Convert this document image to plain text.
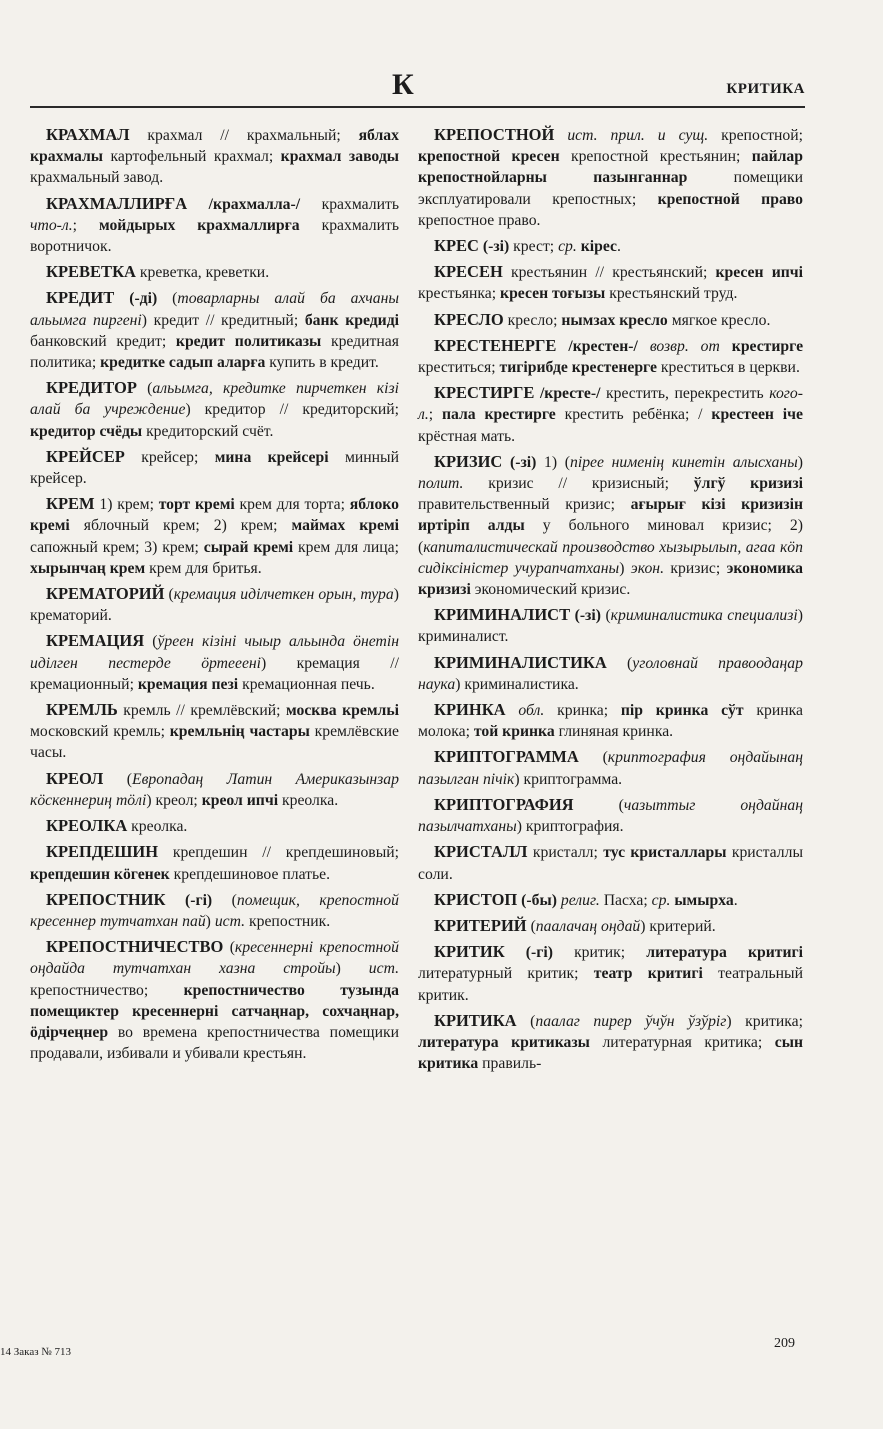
К	КРИТИКА

КРАХМАЛ крахмал // крахмальный; яблах крахмалы картофельный крахмал; крахмал заводы крахмальный завод.

КРАХМАЛЛИРҒА /крахмалла-/ крахмалить что-л.; мойдырых крахмаллирға крахмалить воротничок.

КРЕВЕТКА креветка, креветки.

КРЕДИТ (-ді) (товарларны алай ба ахчаны альымга пиргені) кредит // кредитный; банк кредиді банковский кредит; кредит политиказы кредитная политика; кредитке садып аларға купить в кредит.

КРЕДИТОР (альымга, кредитке пирчеткен кізі алай ба учреждение) кредитор // кредиторский; кредитор счёды кредиторский счёт.

КРЕЙСЕР крейсер; мина крейсері минный крейсер.

КРЕМ 1) крем; торт кремі крем для торта; яблоко кремі яблочный крем; 2) крем; маймах кремі сапожный крем; 3) крем; сырай кремі крем для лица; хырынчаң крем крем для бритья.

КРЕМАТОРИЙ (кремация иділчеткен орын, тура) крематорий.

КРЕМАЦИЯ (ўреен кізіні чыыр альында öнетін иділген пестерде öртееені) кремация // кремационный; кремация пезі кремационная печь.

КРЕМЛЬ кремль // кремлёвский; москва кремльі московский кремль; кремльнің частары кремлёвские часы.

КРЕОЛ (Европадаң Латин Америказынзар кöскеннериң тöлі) креол; креол ипчі креолка.

КРЕОЛКА креолка.

КРЕПДЕШИН крепдешин // крепдешиновый; крепдешин кöгенек крепдешиновое платье.

КРЕПОСТНИК (-гі) (помещик, крепостной кресеннер тутчатхан пай) ист. крепостник.

КРЕПОСТНИЧЕСТВО (кресеннерні крепостной оңдайда тутчатхан хазна стройы) ист. крепостничество; крепостничество тузында помещиктер кресеннерні сатчаңнар, сохчаңнар, öдірчеңнер во времена крепостничества помещики продавали, избивали и убивали крестьян.

КРЕПОСТНОЙ ист. прил. и сущ. крепостной; крепостной кресен крепостной крестьянин; пайлар крепостнойларны пазынганнар помещики эксплуатировали крепостных; крепостной право крепостное право.

КРЕС (-зі) крест; ср. кірес.

КРЕСЕН крестьянин // крестьянский; кресен ипчі крестьянка; кресен тоғызы крестьянский труд.

КРЕСЛО кресло; нымзах кресло мягкое кресло.

КРЕСТЕНЕРГЕ /крестен-/ возвр. от крестирге креститься; тигірибде крестенерге креститься в церкви.

КРЕСТИРГЕ /кресте-/ крестить, перекрестить кого-л.; пала крестирге крестить ребёнка; / крестеен іче крёстная мать.

КРИЗИС (-зі) 1) (пірее нименің кинетін алысханы) полит. кризис // кризисный; ўлгў кризизі правительственный кризис; ағырығ кізі кризизін иртіріп алды у больного миновал кризис; 2) (капиталистическай производство хызырылып, агаа кöп сидіксіністер учурапчатханы) экон. кризис; экономика кризизі экономический кризис.

КРИМИНАЛИСТ (-зі) (криминалистика специализі) криминалист.

КРИМИНАЛИСТИКА (уголовнай правоодаңар наука) криминалистика.

КРИНКА обл. кринка; пір кринка сўт кринка молока; той кринка глиняная кринка.

КРИПТОГРАММА (криптография оңдайынаң пазылган пічік) криптограмма.

КРИПТОГРАФИЯ (чазыттыг оңдайнаң пазылчатханы) криптография.

КРИСТАЛЛ кристалл; тус кристаллары кристаллы соли.

КРИСТОП (-бы) религ. Пасха; ср. ымырха.

КРИТЕРИЙ (паалачаң оңдай) критерий.

КРИТИК (-гі) критик; литература критигі литературный критик; театр критигі театральный критик.

КРИТИКА (паалаг пирер ўчўн ўзўрiг) критика; литература критиказы литературная критика; сын критика правиль-

14 Заказ № 713
209
